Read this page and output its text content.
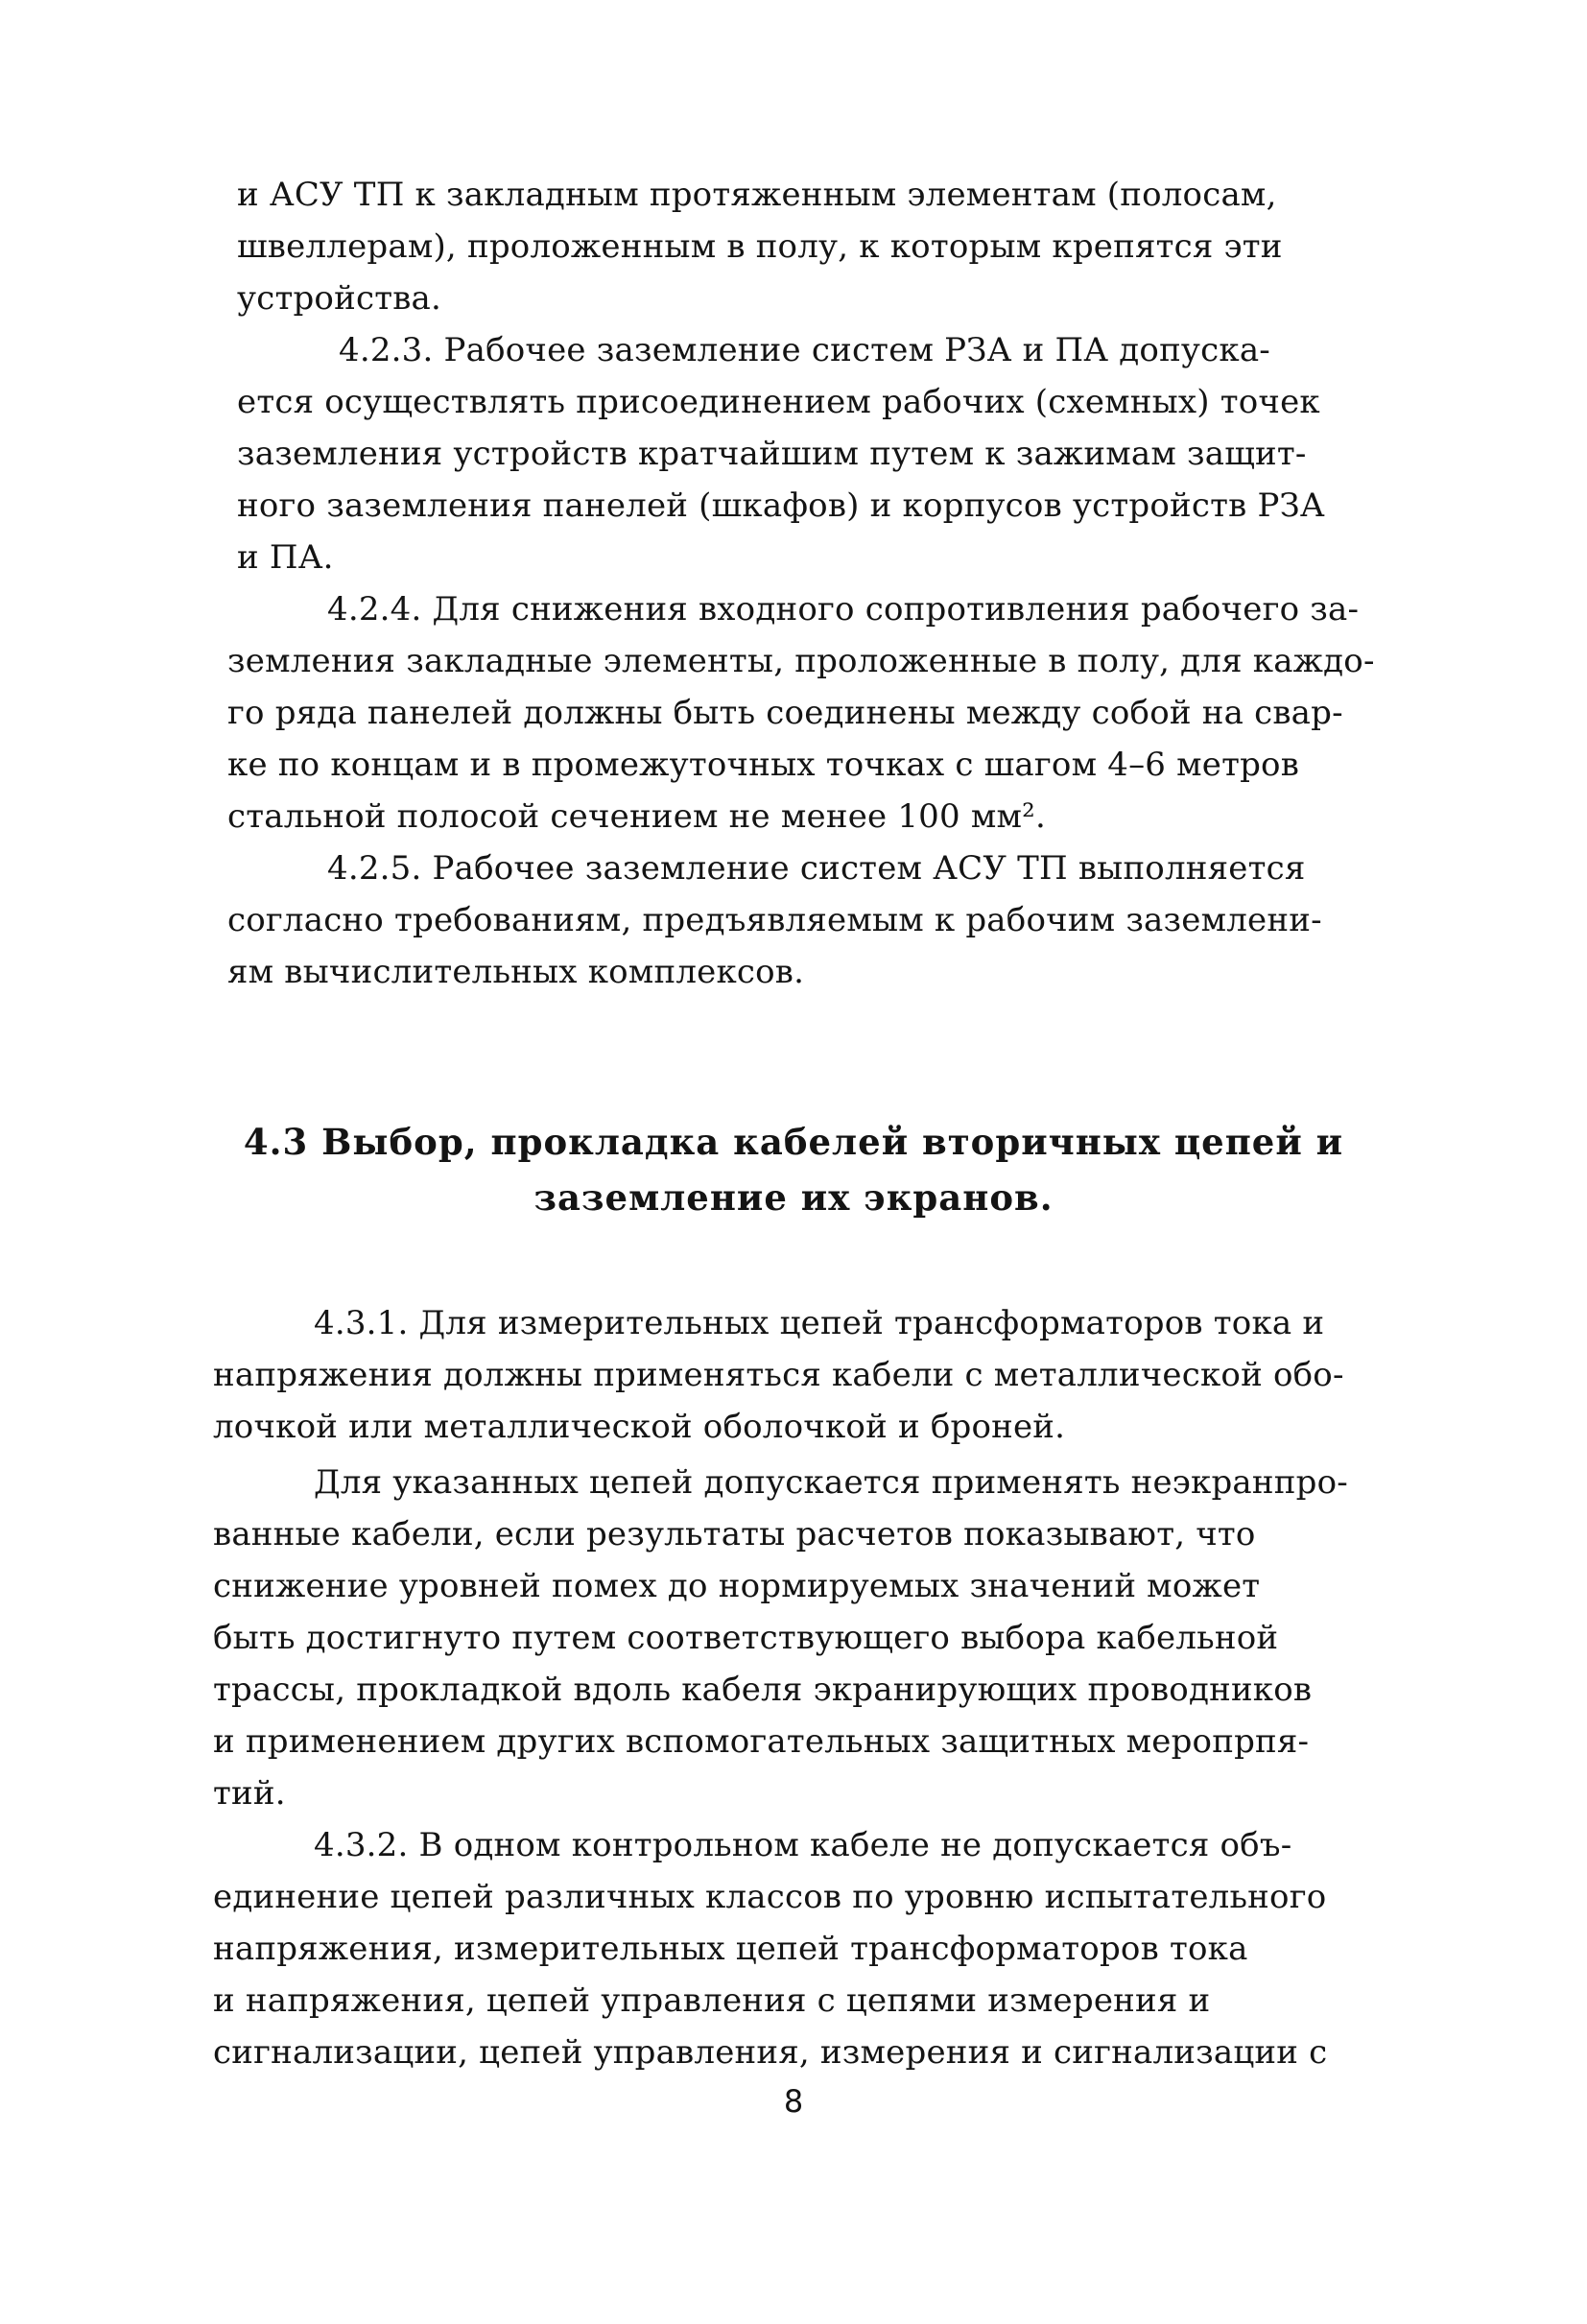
и АСУ ТП к закладным протяженным элементам (полосам,
швеллерам), проложенным в полу, к которым крепятся эти
устройства.
4.2.3. Рабочее заземление систем РЗА и ПА допуска-
ется осуществлять присоединением рабочих (схемных) точек
заземления устройств кратчайшим путем к зажимам защит-
ного заземления панелей (шкафов) и корпусов устройств РЗА
и ПА.
4.2.4. Для снижения входного сопротивления рабочего за-
земления закладные элементы, проложенные в полу, для каждо-
го ряда панелей должны быть соединены между собой на свар-
ке по концам и в промежуточных точках с шагом 4–6 метров
стальной полосой сечением не менее 100 мм².
4.2.5. Рабочее заземление систем АСУ ТП выполняется
согласно требованиям, предъявляемым к рабочим заземлени-
ям вычислительных комплексов.
4.3 Выбор, прокладка кабелей вторичных цепей и
заземление их экранов.
4.3.1. Для измерительных цепей трансформаторов тока и
напряжения должны применяться кабели с металлической обо-
лочкой или металлической оболочкой и броней.
Для указанных цепей допускается применять неэкранпро-
ванные кабели, если результаты расчетов показывают, что
снижение уровней помех до нормируемых значений может
быть достигнуто путем соответствующего выбора кабельной
трассы, прокладкой вдоль кабеля экранирующих проводников
и применением других вспомогательных защитных меропрпя-
тий.
4.3.2. В одном контрольном кабеле не допускается объ-
единение цепей различных классов по уровню испытательного
напряжения, измерительных цепей трансформаторов тока
и напряжения, цепей управления с цепями измерения и
сигнализации, цепей управления, измерения и сигнализации с
8
